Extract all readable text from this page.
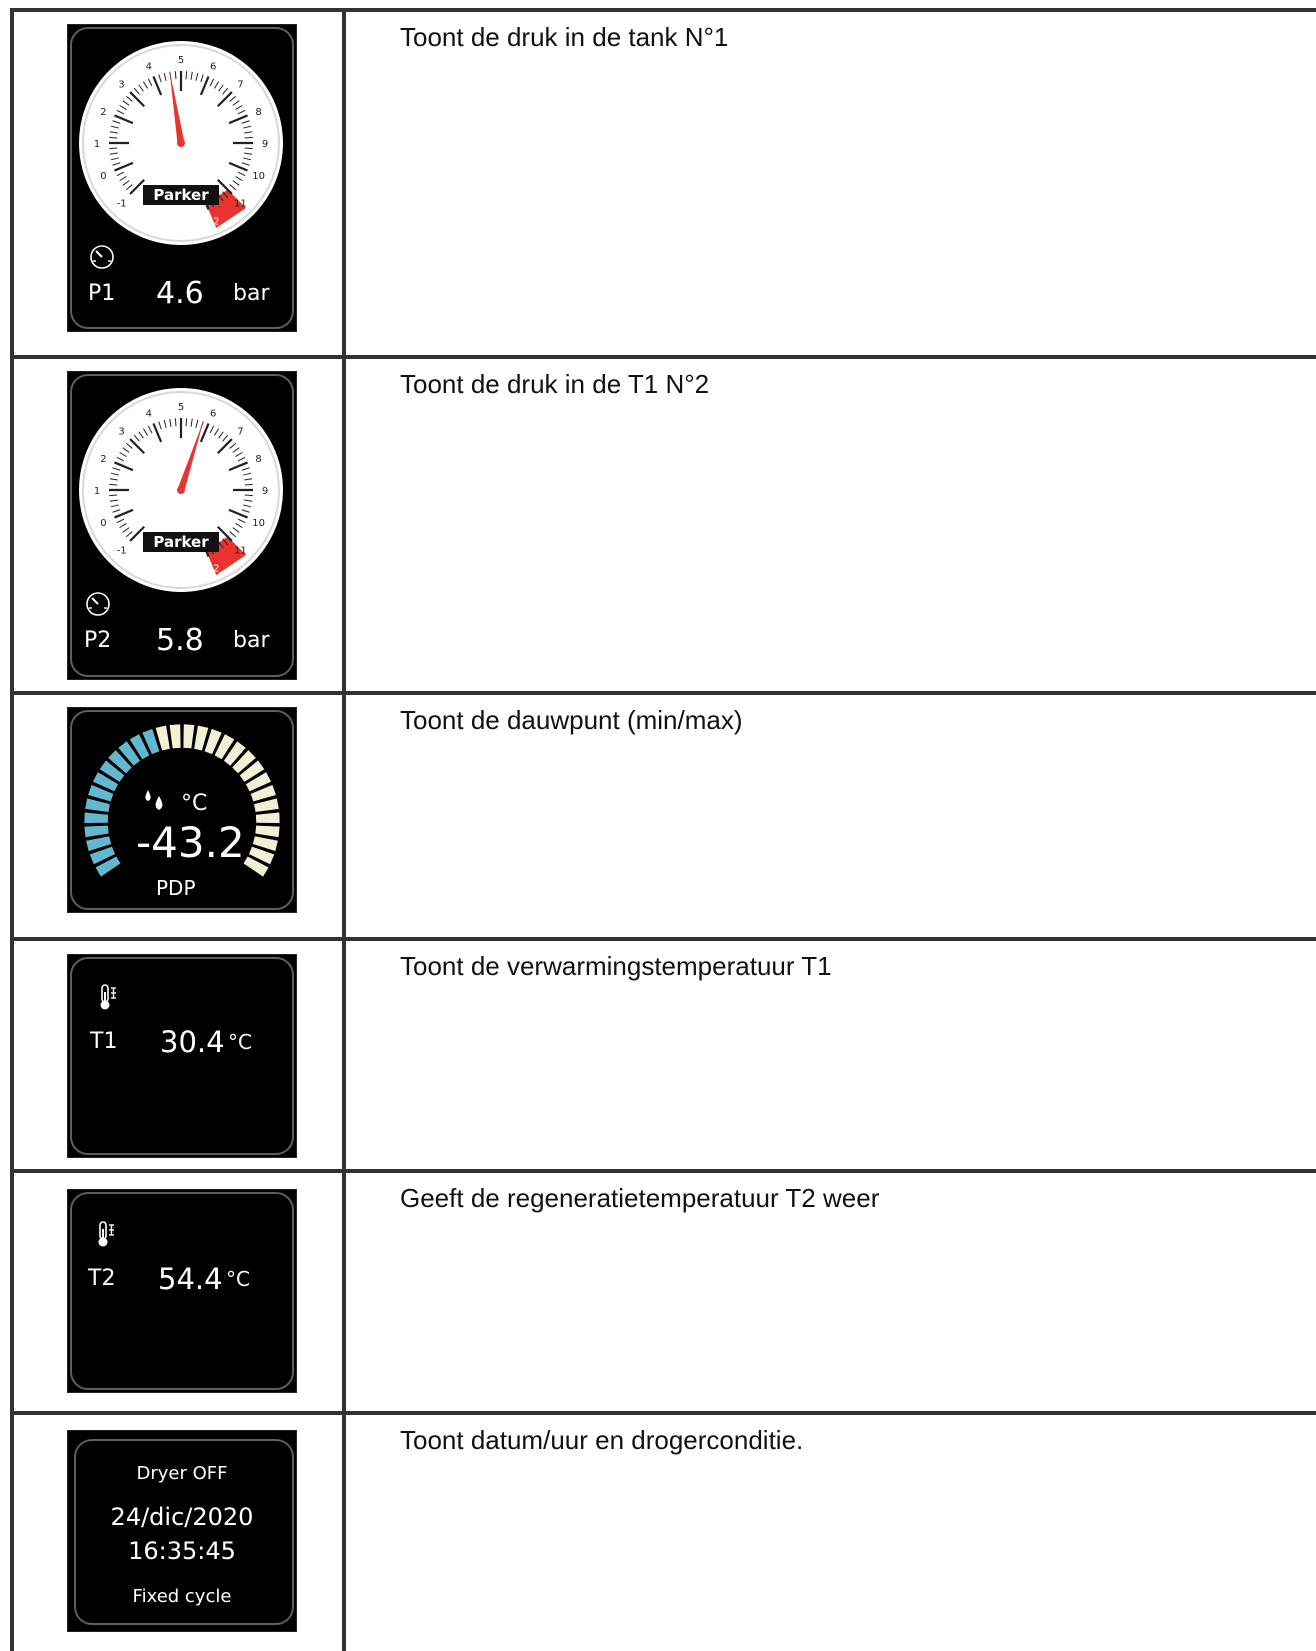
Toont de druk in de tank N°1
-1
0
1
2
3
4
5
6
7
8
9
10
11
12
Parker
P1 4.6 bar
Toont de druk in de T1 N°2
-1
0
1
2
3
4
5
6
7
8
9
10
11
12
Parker
P2 5.8 bar
Toont de dauwpunt (min/max)
°C
-43.2
PDP
Toont de verwarmingstemperatuur T1
T1 30.4 °C
Geeft de regeneratietemperatuur T2 weer
T2 54.4 °C
Toont datum/uur en drogerconditie.
Dryer OFF
24/dic/2020
16:35:45
Fixed cycle
